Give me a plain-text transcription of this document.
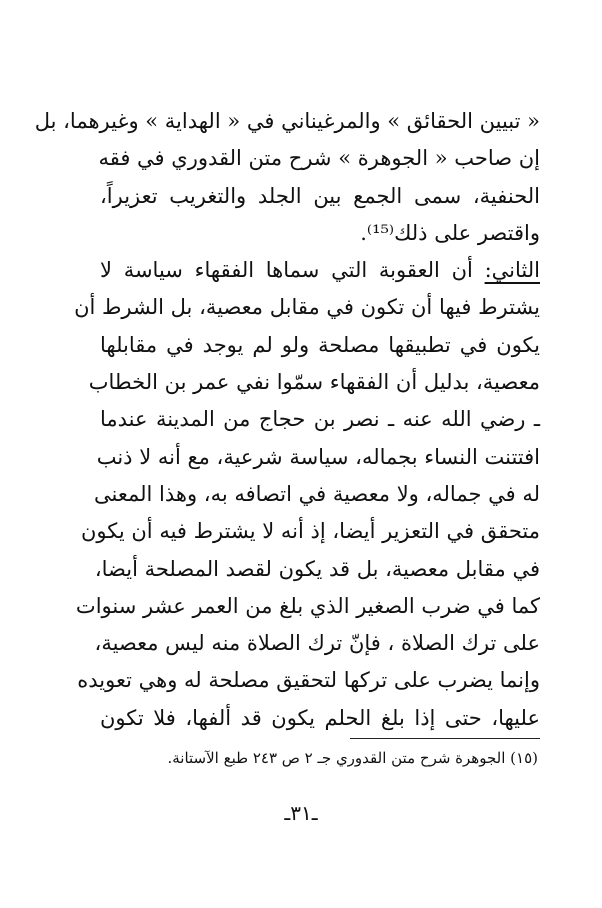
« تبيين الحقائق » والمرغيناني في « الهداية » وغيرهما، بل
إن صاحب « الجوهرة » شرح متن القدوري في فقه
الحنفية، سمى الجمع بين الجلد والتغريب تعزيراً،
واقتصر على ذلك⁽¹⁵⁾.
الثاني: أن العقوبة التي سماها الفقهاء سياسة لا
يشترط فيها أن تكون في مقابل معصية، بل الشرط أن
يكون في تطبيقها مصلحة ولو لم يوجد في مقابلها
معصية، بدليل أن الفقهاء سمّوا نفي عمر بن الخطاب
ـ رضي الله عنه ـ نصر بن حجاج من المدينة عندما
افتتنت النساء بجماله، سياسة شرعية، مع أنه لا ذنب
له في جماله، ولا معصية في اتصافه به، وهذا المعنى
متحقق في التعزير أيضا، إذ أنه لا يشترط فيه أن يكون
في مقابل معصية، بل قد يكون لقصد المصلحة أيضا،
كما في ضرب الصغير الذي بلغ من العمر عشر سنوات
على ترك الصلاة ، فإنّ ترك الصلاة منه ليس معصية،
وإنما يضرب على تركها لتحقيق مصلحة له وهي تعويده
عليها، حتى إذا بلغ الحلم يكون قد ألفها، فلا تكون
(١٥) الجوهرة شرح متن القدوري جـ ٢ ص ٢٤٣ طبع الآستانة.
ـ٣١ـ
